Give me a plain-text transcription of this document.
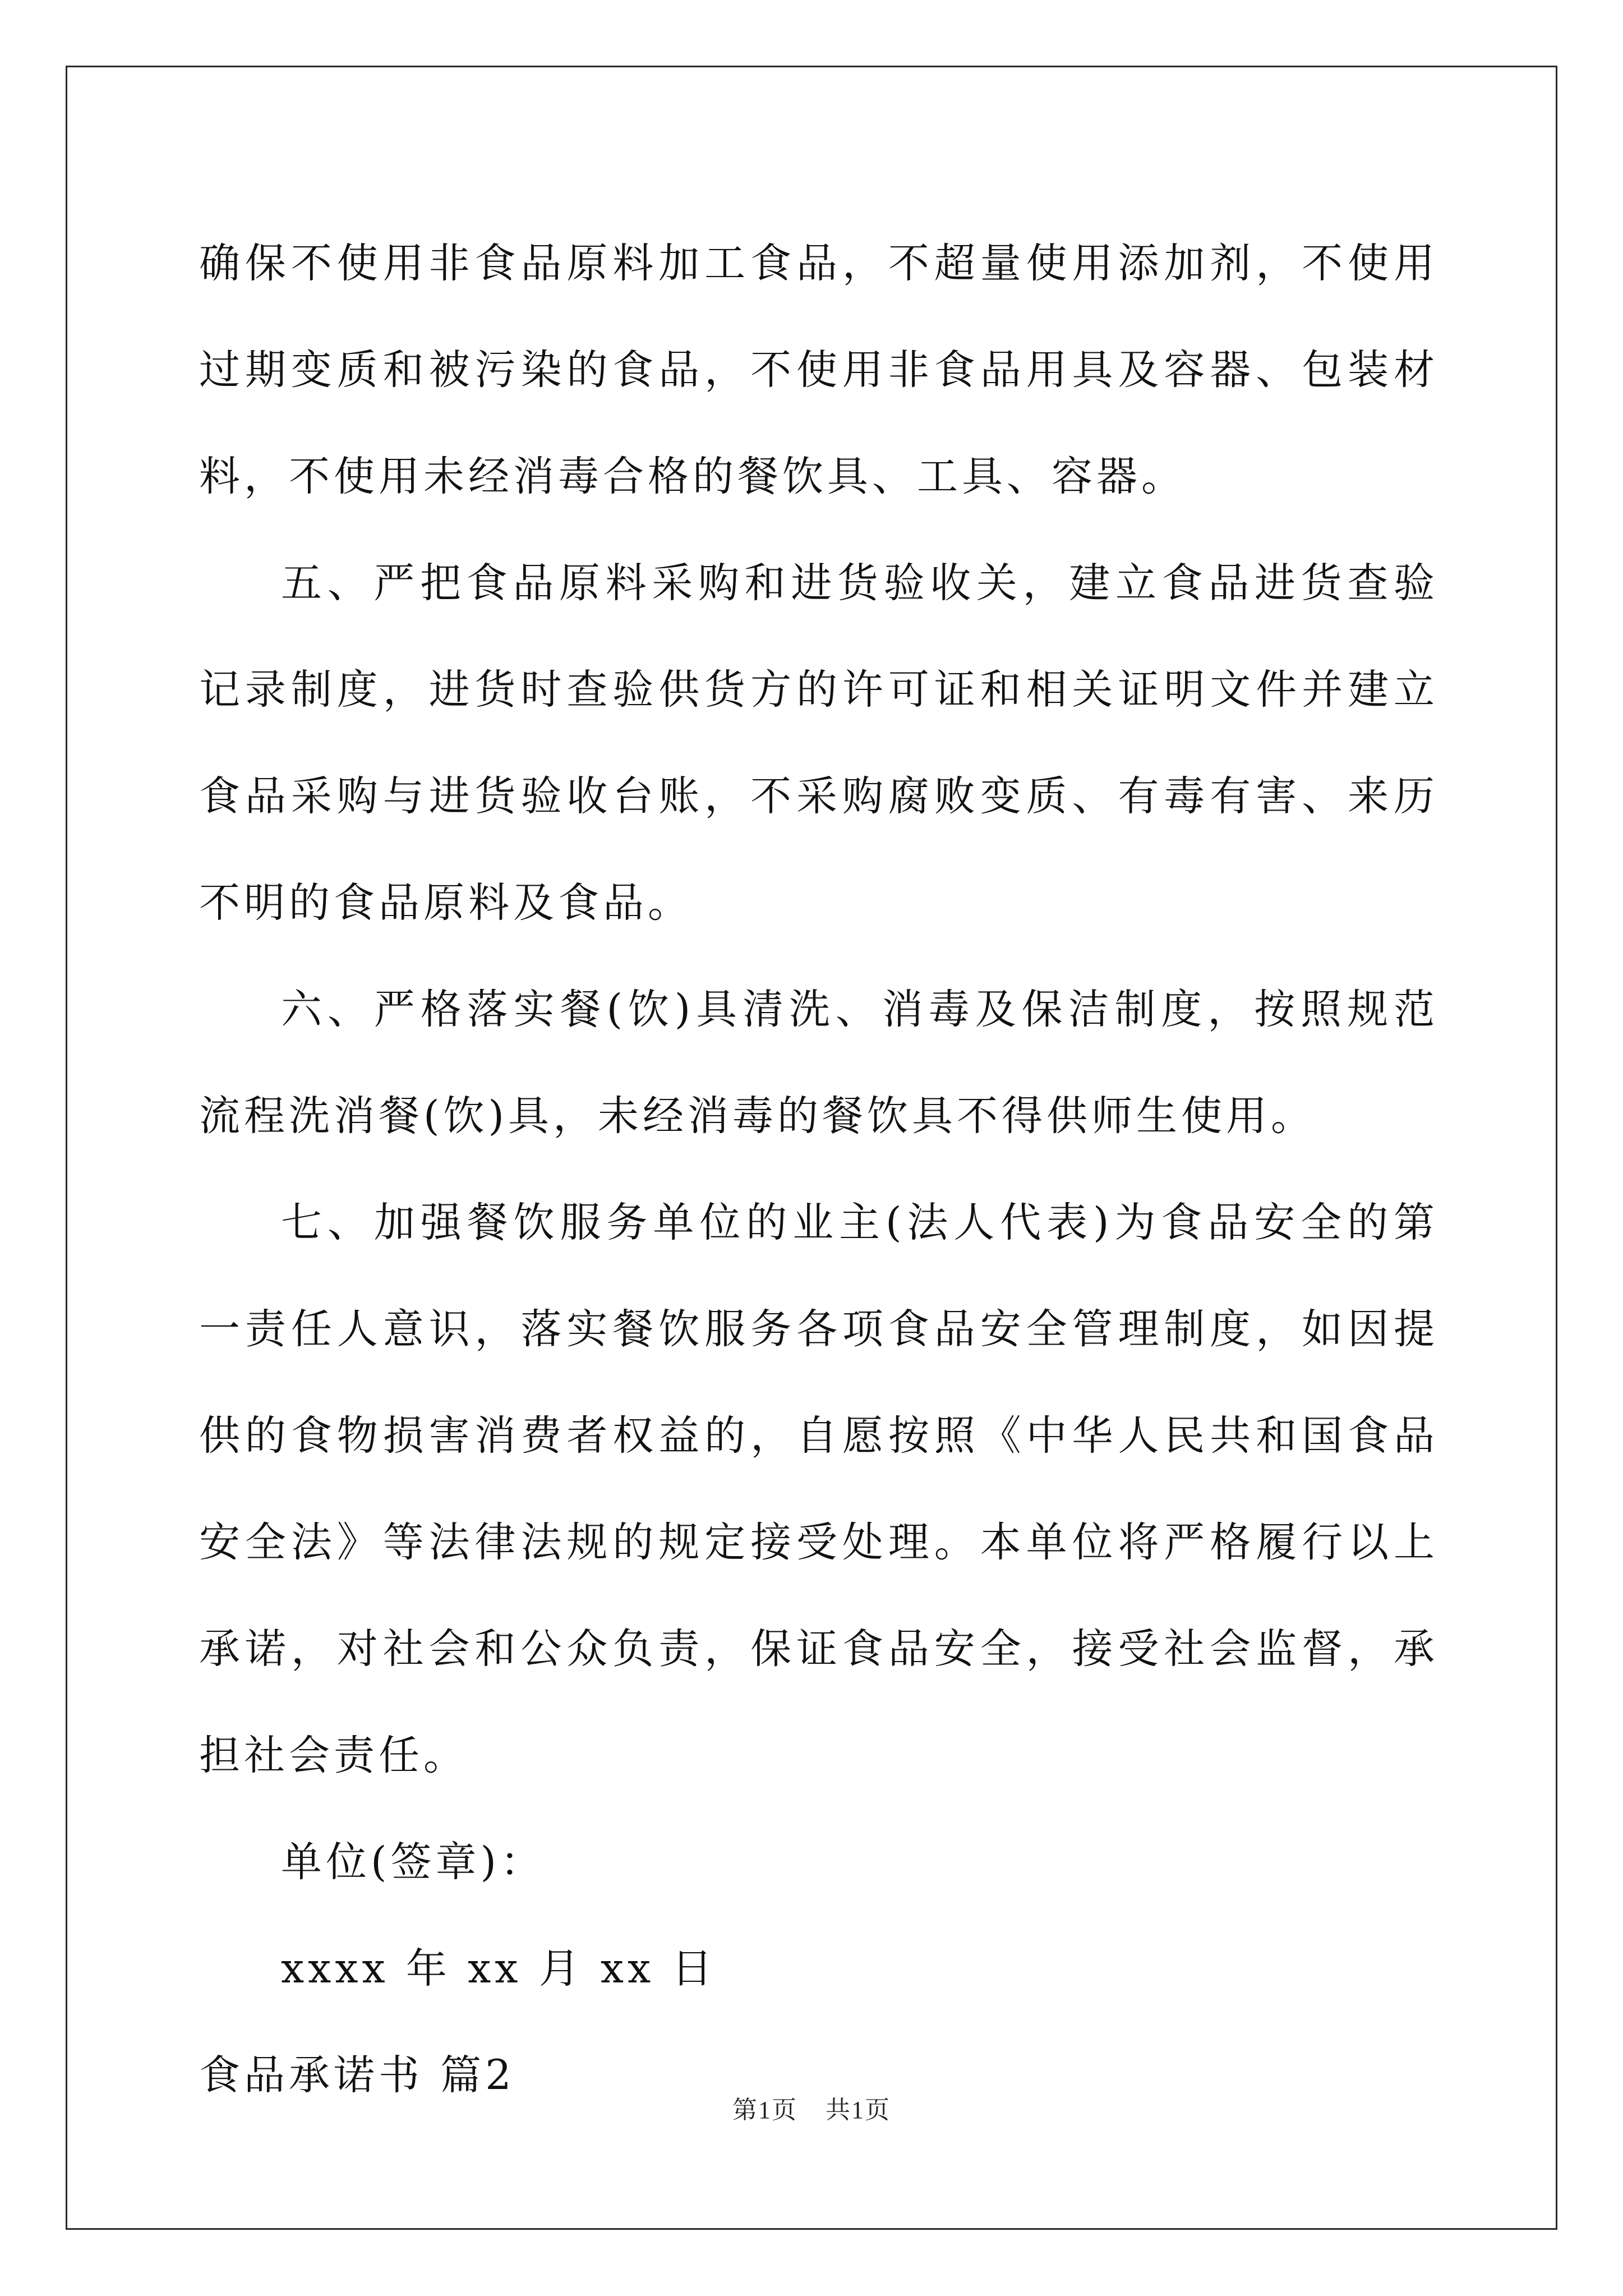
确保不使用非食品原料加工食品，不超量使用添加剂，不使用过期变质和被污染的食品，不使用非食品用具及容器、包装材料，不使用未经消毒合格的餐饮具、工具、容器。

五、严把食品原料采购和进货验收关，建立食品进货查验记录制度，进货时查验供货方的许可证和相关证明文件并建立食品采购与进货验收台账，不采购腐败变质、有毒有害、来历不明的食品原料及食品。

六、严格落实餐(饮)具清洗、消毒及保洁制度，按照规范流程洗消餐(饮)具，未经消毒的餐饮具不得供师生使用。

七、加强餐饮服务单位的业主(法人代表)为食品安全的第一责任人意识，落实餐饮服务各项食品安全管理制度，如因提供的食物损害消费者权益的，自愿按照《中华人民共和国食品安全法》等法律法规的规定接受处理。本单位将严格履行以上承诺，对社会和公众负责，保证食品安全，接受社会监督，承担社会责任。

单位(签章)：

xxxx 年 xx 月 xx 日

食品承诺书 篇2

第1页 共1页
